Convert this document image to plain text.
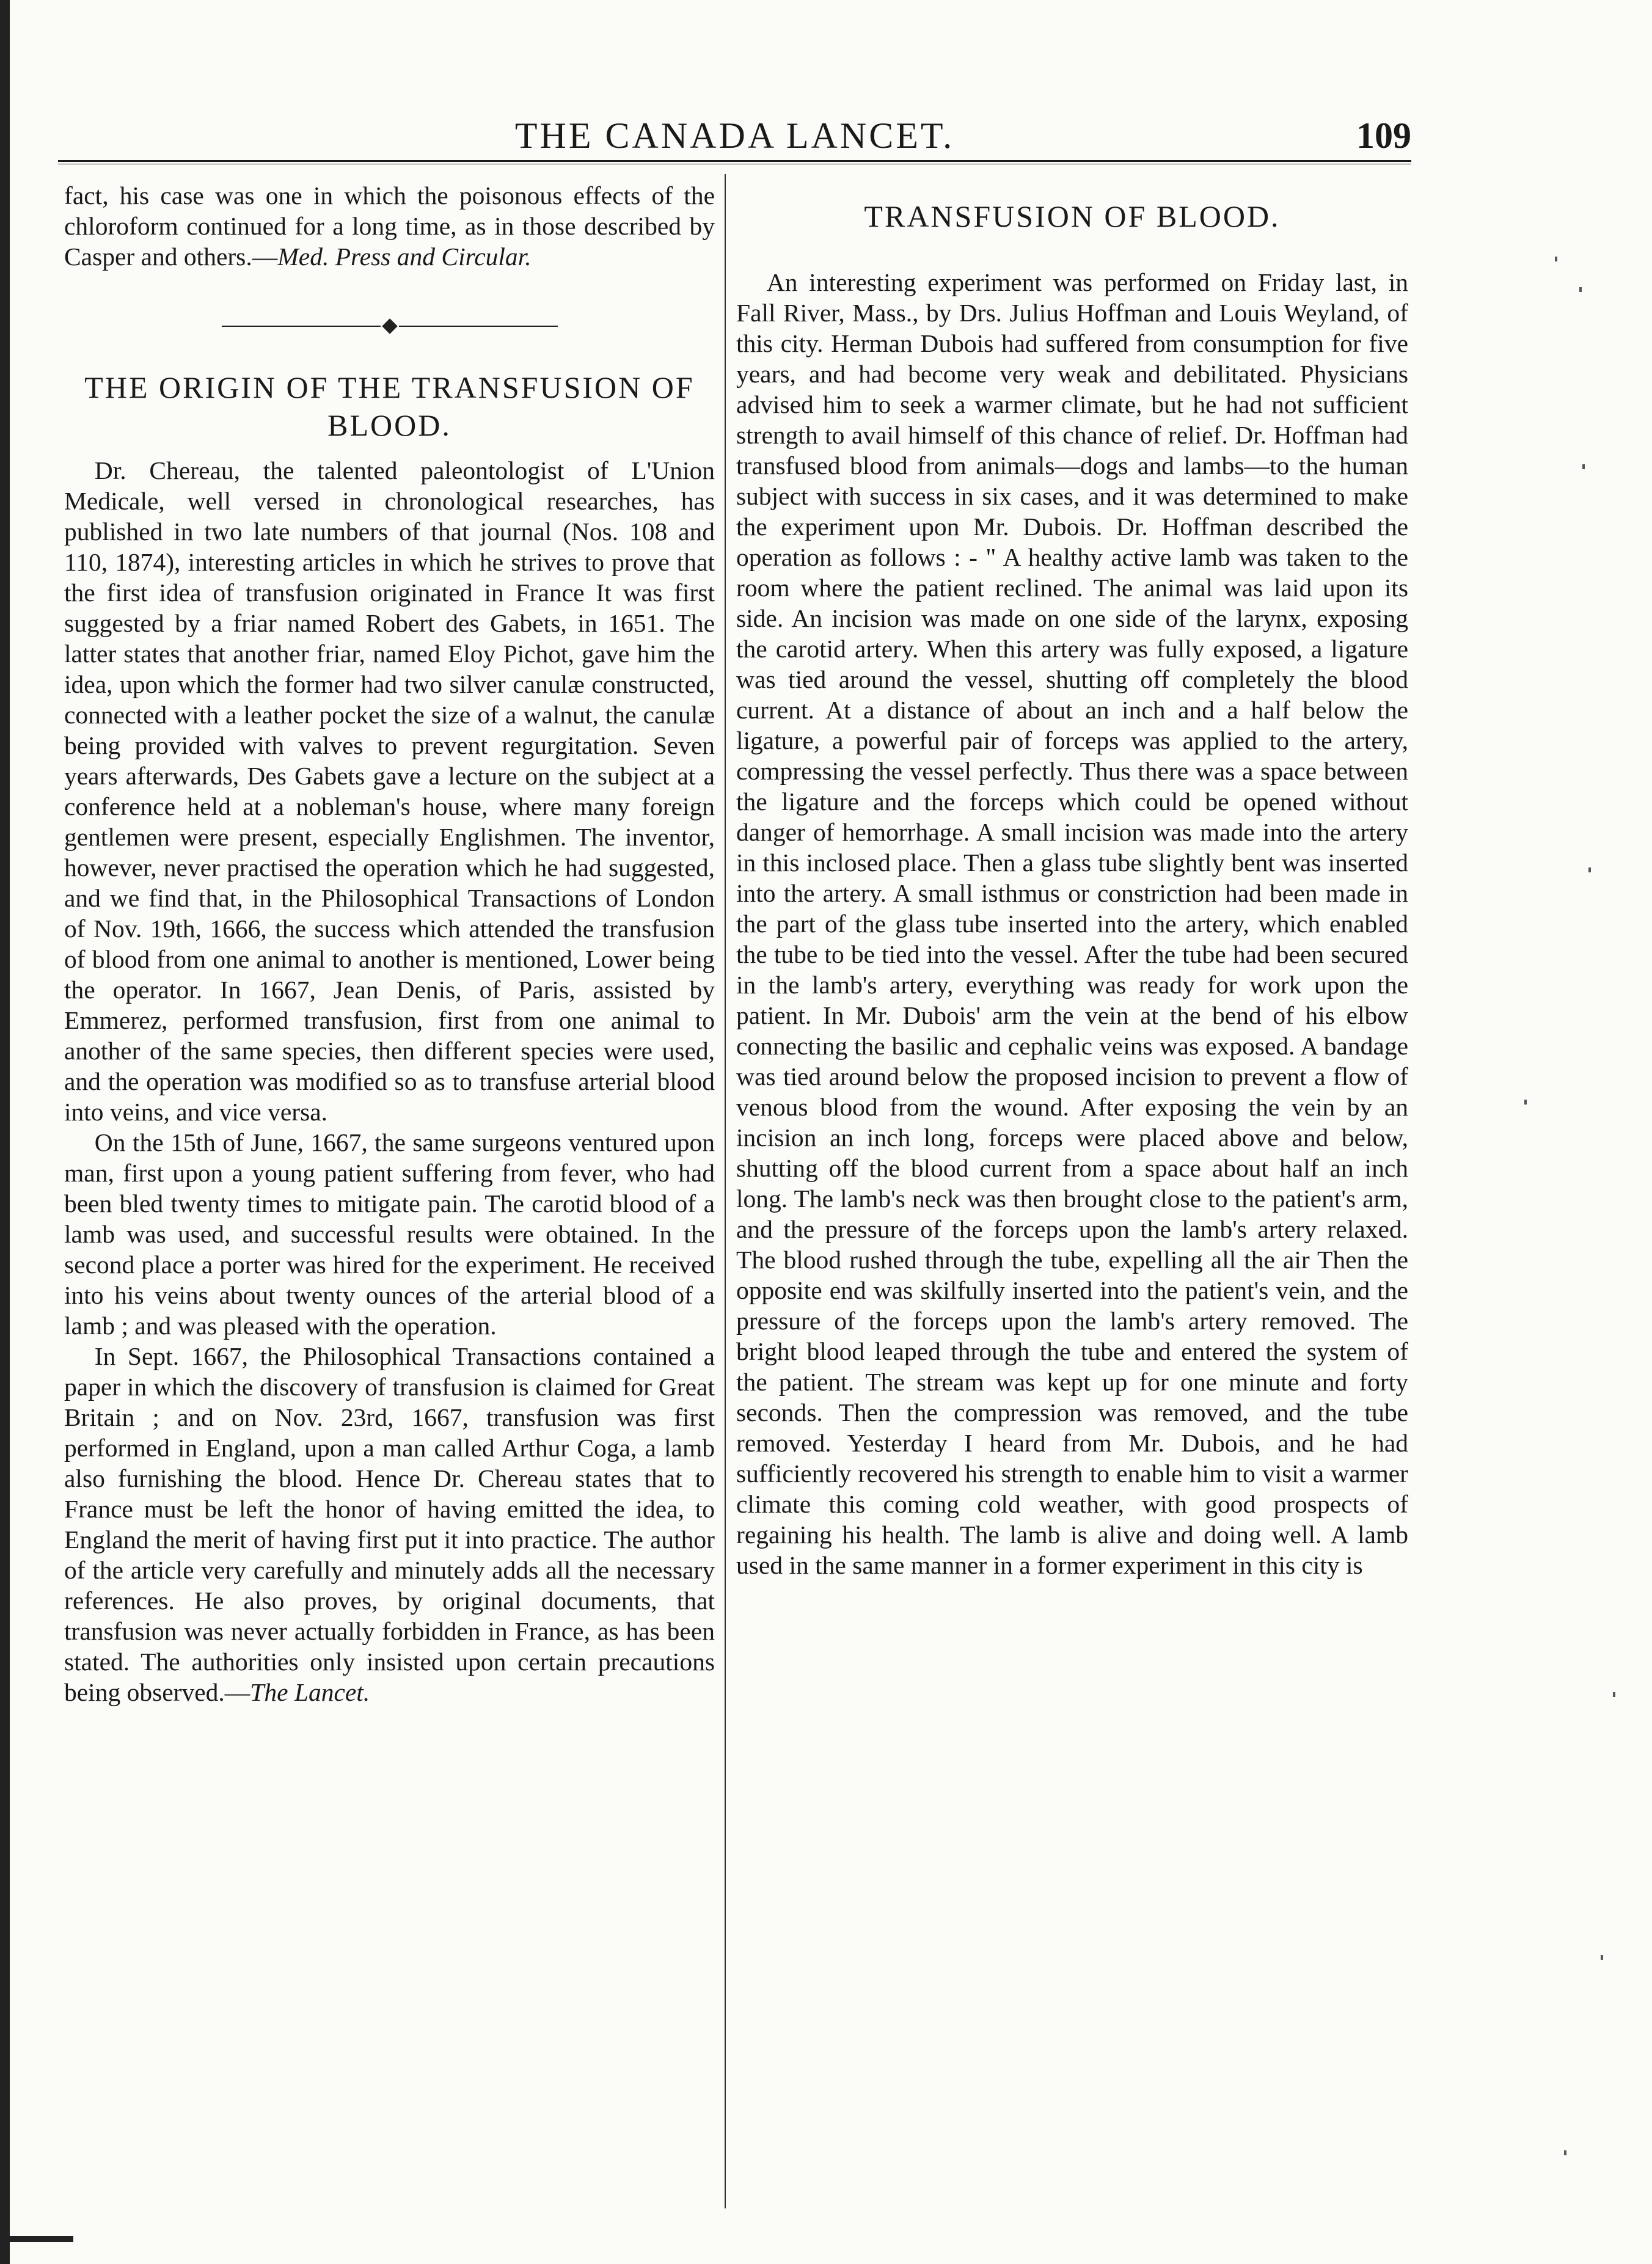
THE CANADA LANCET.	109

fact, his case was one in which the poisonous effects of the chloroform continued for a long time, as in those described by Casper and others.—Med. Press and Circular.

THE ORIGIN OF THE TRANSFUSION OF BLOOD.

Dr. Chereau, the talented paleontologist of L'Union Medicale, well versed in chronological researches, has published in two late numbers of that journal (Nos. 108 and 110, 1874), interesting articles in which he strives to prove that the first idea of transfusion originated in France It was first suggested by a friar named Robert des Gabets, in 1651. The latter states that another friar, named Eloy Pichot, gave him the idea, upon which the former had two silver canulæ constructed, connected with a leather pocket the size of a walnut, the canulæ being provided with valves to prevent regurgitation. Seven years afterwards, Des Gabets gave a lecture on the subject at a conference held at a nobleman's house, where many foreign gentlemen were present, especially Englishmen. The inventor, however, never practised the operation which he had suggested, and we find that, in the Philosophical Transactions of London of Nov. 19th, 1666, the success which attended the transfusion of blood from one animal to another is mentioned, Lower being the operator. In 1667, Jean Denis, of Paris, assisted by Emmerez, performed transfusion, first from one animal to another of the same species, then different species were used, and the operation was modified so as to transfuse arterial blood into veins, and vice versa.

On the 15th of June, 1667, the same surgeons ventured upon man, first upon a young patient suffering from fever, who had been bled twenty times to mitigate pain. The carotid blood of a lamb was used, and successful results were obtained. In the second place a porter was hired for the experiment. He received into his veins about twenty ounces of the arterial blood of a lamb ; and was pleased with the operation.

In Sept. 1667, the Philosophical Transactions contained a paper in which the discovery of transfusion is claimed for Great Britain ; and on Nov. 23rd, 1667, transfusion was first performed in England, upon a man called Arthur Coga, a lamb also furnishing the blood. Hence Dr. Chereau states that to France must be left the honor of having emitted the idea, to England the merit of having first put it into practice. The author of the article very carefully and minutely adds all the necessary references. He also proves, by original documents, that transfusion was never actually forbidden in France, as has been stated. The authorities only insisted upon certain precautions being observed.—The Lancet.

TRANSFUSION OF BLOOD.

An interesting experiment was performed on Friday last, in Fall River, Mass., by Drs. Julius Hoffman and Louis Weyland, of this city. Herman Dubois had suffered from consumption for five years, and had become very weak and debilitated. Physicians advised him to seek a warmer climate, but he had not sufficient strength to avail himself of this chance of relief. Dr. Hoffman had transfused blood from animals—dogs and lambs—to the human subject with success in six cases, and it was determined to make the experiment upon Mr. Dubois. Dr. Hoffman described the operation as follows : - " A healthy active lamb was taken to the room where the patient reclined. The animal was laid upon its side. An incision was made on one side of the larynx, exposing the carotid artery. When this artery was fully exposed, a ligature was tied around the vessel, shutting off completely the blood current. At a distance of about an inch and a half below the ligature, a powerful pair of forceps was applied to the artery, compressing the vessel perfectly. Thus there was a space between the ligature and the forceps which could be opened without danger of hemorrhage. A small incision was made into the artery in this inclosed place. Then a glass tube slightly bent was inserted into the artery. A small isthmus or constriction had been made in the part of the glass tube inserted into the artery, which enabled the tube to be tied into the vessel. After the tube had been secured in the lamb's artery, everything was ready for work upon the patient. In Mr. Dubois' arm the vein at the bend of his elbow connecting the basilic and cephalic veins was exposed. A bandage was tied around below the proposed incision to prevent a flow of venous blood from the wound. After exposing the vein by an incision an inch long, forceps were placed above and below, shutting off the blood current from a space about half an inch long. The lamb's neck was then brought close to the patient's arm, and the pressure of the forceps upon the lamb's artery relaxed. The blood rushed through the tube, expelling all the air Then the opposite end was skilfully inserted into the patient's vein, and the pressure of the forceps upon the lamb's artery removed. The bright blood leaped through the tube and entered the system of the patient. The stream was kept up for one minute and forty seconds. Then the compression was removed, and the tube removed. Yesterday I heard from Mr. Dubois, and he had sufficiently recovered his strength to enable him to visit a warmer climate this coming cold weather, with good prospects of regaining his health. The lamb is alive and doing well. A lamb used in the same manner in a former experiment in this city is
